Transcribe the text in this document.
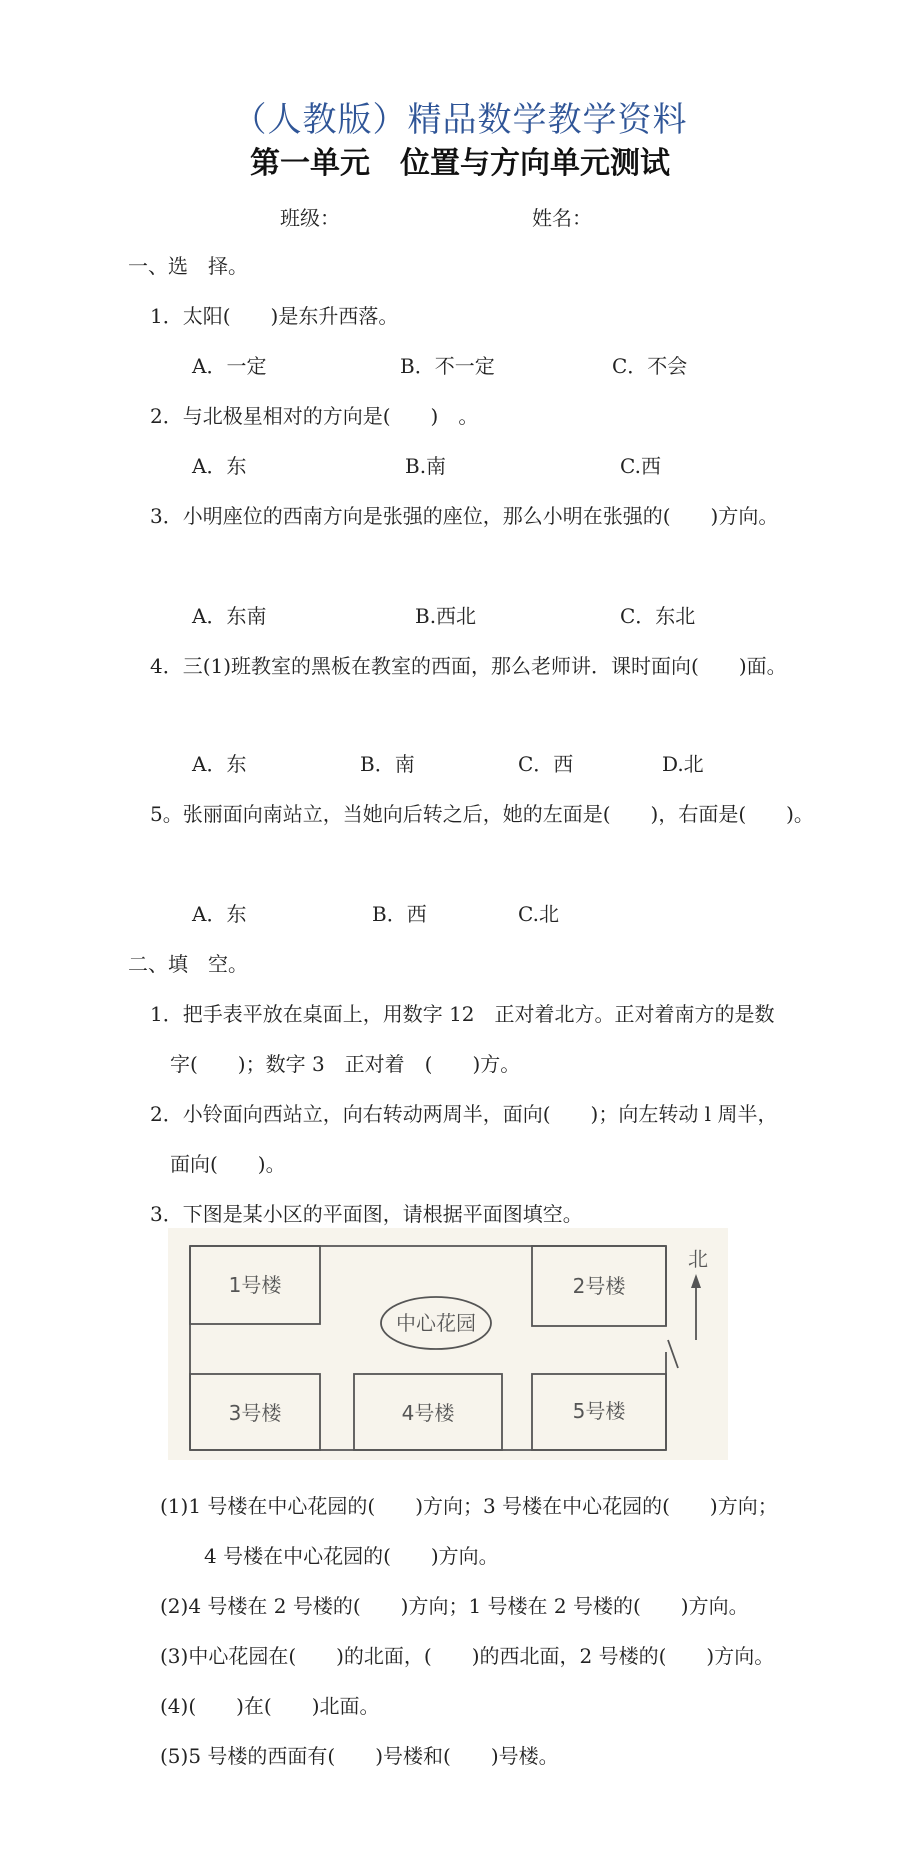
（人教版）精品数学教学资料
第一单元　位置与方向单元测试
班级：	姓名：
一、选　择。
1．太阳(　　)是东升西落。
A．一定	B．不一定	C．不会
2．与北极星相对的方向是(　　)　。
A．东	B.南	C.西
3．小明座位的西南方向是张强的座位，那么小明在张强的(　　)方向。
A．东南	B.西北	C．东北
4．三(1)班教室的黑板在教室的西面，那么老师讲．课时面向(　　)面。
A．东	B．南	C．西	D.北
5。张丽面向南站立，当她向后转之后，她的左面是(　　)，右面是(　　)。
A．东	B．西	C.北
二、填　空。
1．把手表平放在桌面上，用数字 12　正对着北方。正对着南方的是数
字(　　)；数字 3　正对着　(　　)方。
2．小铃面向西站立，向右转动两周半，面向(　　)；向左转动 l 周半，
面向(　　)。
3．下图是某小区的平面图，请根据平面图填空。
1号楼	2号楼
3号楼	4号楼	5号楼
中心花园
北
(1)1 号楼在中心花园的(　　)方向；3 号楼在中心花园的(　　)方向；
4 号楼在中心花园的(　　)方向。
(2)4 号楼在 2 号楼的(　　)方向；1 号楼在 2 号楼的(　　)方向。
(3)中心花园在(　　)的北面，(　　)的西北面，2 号楼的(　　)方向。
(4)(　　)在(　　)北面。
(5)5 号楼的西面有(　　)号楼和(　　)号楼。
